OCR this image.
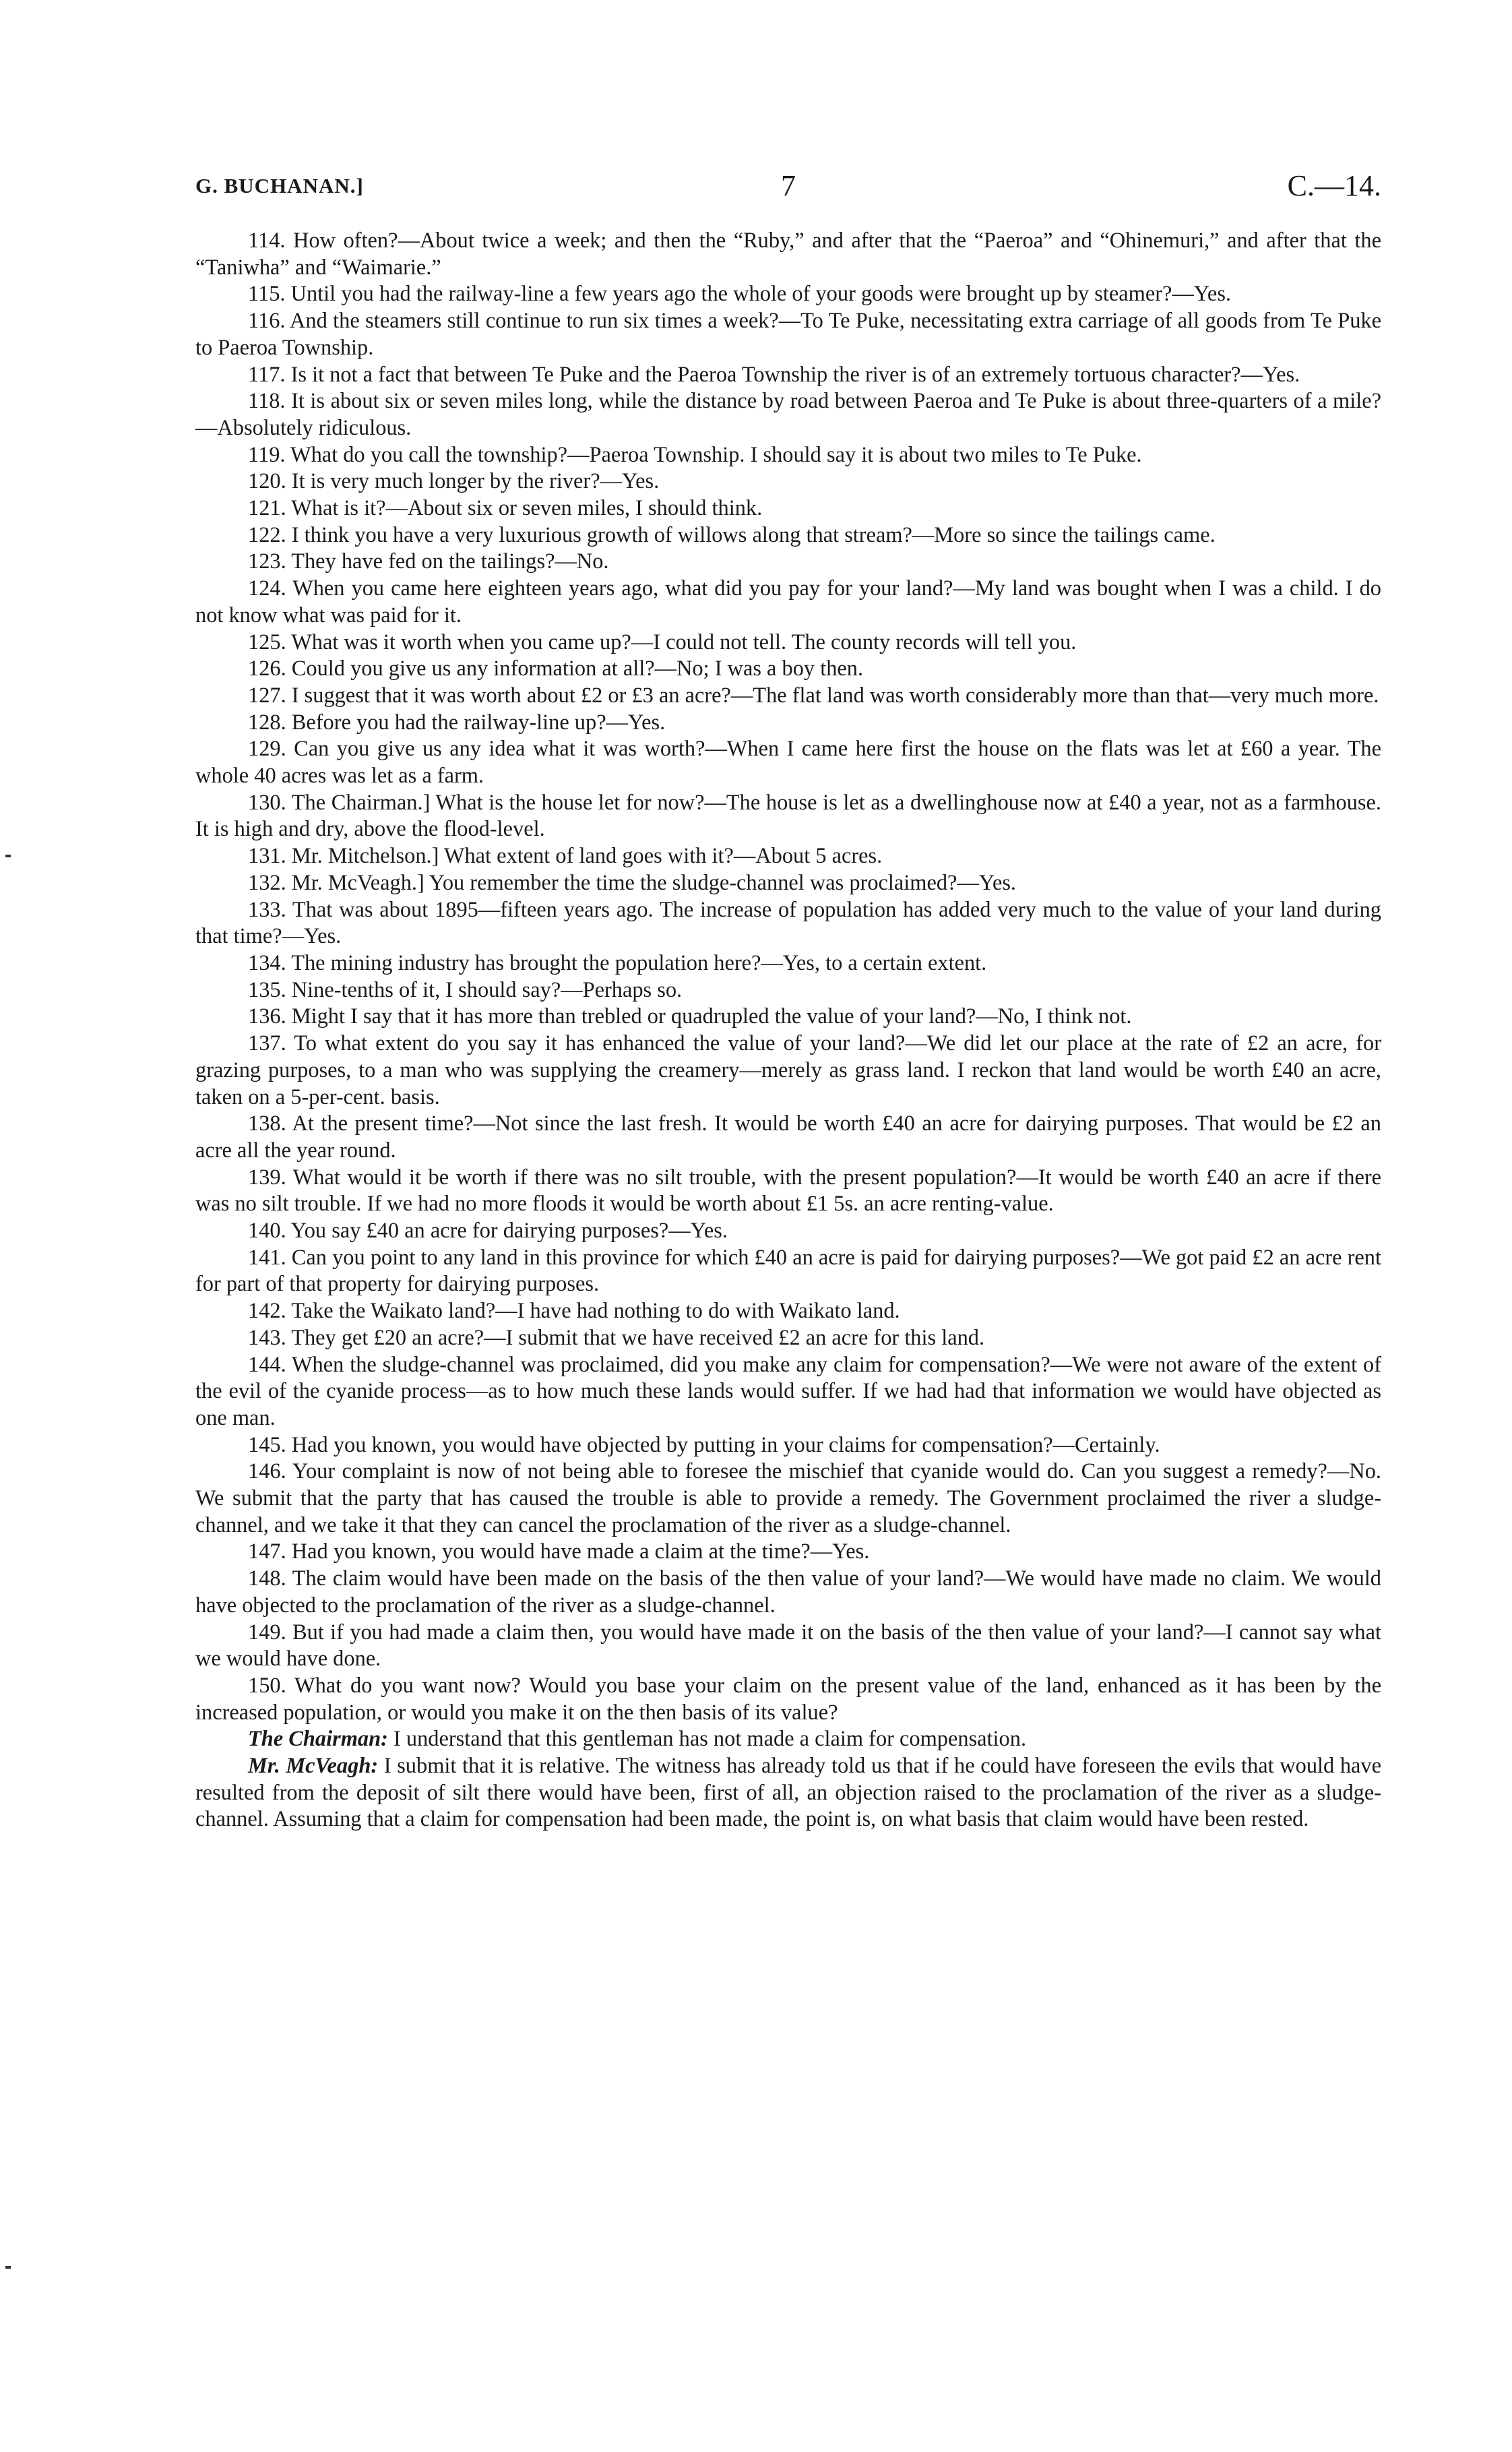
G. BUCHANAN.]	7	C.—14.

114. How often?—About twice a week; and then the “Ruby,” and after that the “Paeroa” and “Ohinemuri,” and after that the “Taniwha” and “Waimarie.”

115. Until you had the railway-line a few years ago the whole of your goods were brought up by steamer?—Yes.

116. And the steamers still continue to run six times a week?—To Te Puke, necessitating extra carriage of all goods from Te Puke to Paeroa Township.

117. Is it not a fact that between Te Puke and the Paeroa Township the river is of an extremely tortuous character?—Yes.

118. It is about six or seven miles long, while the distance by road between Paeroa and Te Puke is about three-quarters of a mile?—Absolutely ridiculous.

119. What do you call the township?—Paeroa Township. I should say it is about two miles to Te Puke.

120. It is very much longer by the river?—Yes.

121. What is it?—About six or seven miles, I should think.

122. I think you have a very luxurious growth of willows along that stream?—More so since the tailings came.

123. They have fed on the tailings?—No.

124. When you came here eighteen years ago, what did you pay for your land?—My land was bought when I was a child. I do not know what was paid for it.

125. What was it worth when you came up?—I could not tell. The county records will tell you.

126. Could you give us any information at all?—No; I was a boy then.

127. I suggest that it was worth about £2 or £3 an acre?—The flat land was worth considerably more than that—very much more.

128. Before you had the railway-line up?—Yes.

129. Can you give us any idea what it was worth?—When I came here first the house on the flats was let at £60 a year. The whole 40 acres was let as a farm.

130. The Chairman.] What is the house let for now?—The house is let as a dwellinghouse now at £40 a year, not as a farmhouse. It is high and dry, above the flood-level.

131. Mr. Mitchelson.] What extent of land goes with it?—About 5 acres.

132. Mr. McVeagh.] You remember the time the sludge-channel was proclaimed?—Yes.

133. That was about 1895—fifteen years ago. The increase of population has added very much to the value of your land during that time?—Yes.

134. The mining industry has brought the population here?—Yes, to a certain extent.

135. Nine-tenths of it, I should say?—Perhaps so.

136. Might I say that it has more than trebled or quadrupled the value of your land?—No, I think not.

137. To what extent do you say it has enhanced the value of your land?—We did let our place at the rate of £2 an acre, for grazing purposes, to a man who was supplying the creamery—merely as grass land. I reckon that land would be worth £40 an acre, taken on a 5-per-cent. basis.

138. At the present time?—Not since the last fresh. It would be worth £40 an acre for dairying purposes. That would be £2 an acre all the year round.

139. What would it be worth if there was no silt trouble, with the present population?—It would be worth £40 an acre if there was no silt trouble. If we had no more floods it would be worth about £1 5s. an acre renting-value.

140. You say £40 an acre for dairying purposes?—Yes.

141. Can you point to any land in this province for which £40 an acre is paid for dairying purposes?—We got paid £2 an acre rent for part of that property for dairying purposes.

142. Take the Waikato land?—I have had nothing to do with Waikato land.

143. They get £20 an acre?—I submit that we have received £2 an acre for this land.

144. When the sludge-channel was proclaimed, did you make any claim for compensation?—We were not aware of the extent of the evil of the cyanide process—as to how much these lands would suffer. If we had had that information we would have objected as one man.

145. Had you known, you would have objected by putting in your claims for compensation?—Certainly.

146. Your complaint is now of not being able to foresee the mischief that cyanide would do. Can you suggest a remedy?—No. We submit that the party that has caused the trouble is able to provide a remedy. The Government proclaimed the river a sludge-channel, and we take it that they can cancel the proclamation of the river as a sludge-channel.

147. Had you known, you would have made a claim at the time?—Yes.

148. The claim would have been made on the basis of the then value of your land?—We would have made no claim. We would have objected to the proclamation of the river as a sludge-channel.

149. But if you had made a claim then, you would have made it on the basis of the then value of your land?—I cannot say what we would have done.

150. What do you want now? Would you base your claim on the present value of the land, enhanced as it has been by the increased population, or would you make it on the then basis of its value?

The Chairman: I understand that this gentleman has not made a claim for compensation.

Mr. McVeagh: I submit that it is relative. The witness has already told us that if he could have foreseen the evils that would have resulted from the deposit of silt there would have been, first of all, an objection raised to the proclamation of the river as a sludge-channel. Assuming that a claim for compensation had been made, the point is, on what basis that claim would have been rested.
